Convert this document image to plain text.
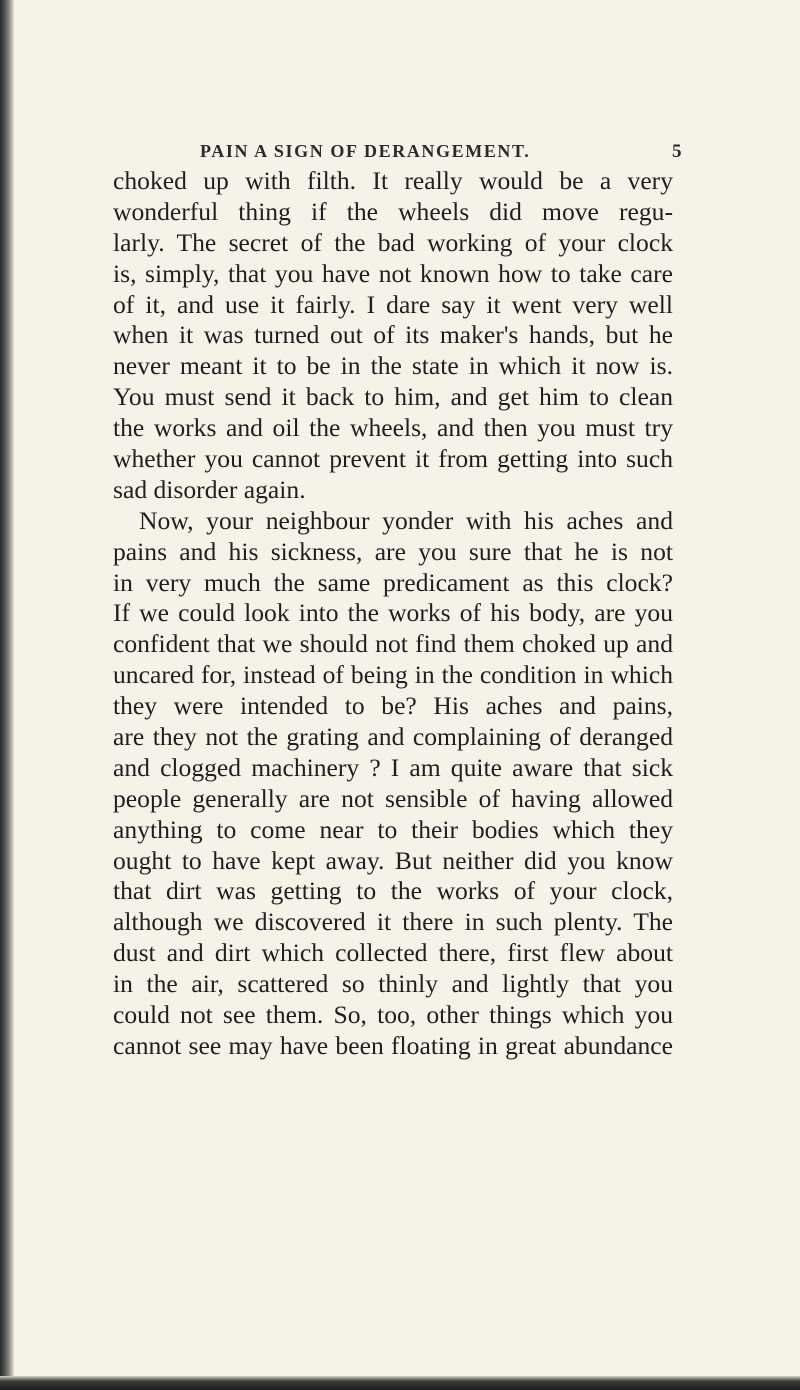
PAIN A SIGN OF DERANGEMENT.	5
choked up with filth. It really would be a very
wonderful thing if the wheels did move regu-
larly. The secret of the bad working of your clock
is, simply, that you have not known how to take care
of it, and use it fairly. I dare say it went very well
when it was turned out of its maker's hands, but he
never meant it to be in the state in which it now is.
You must send it back to him, and get him to clean
the works and oil the wheels, and then you must try
whether you cannot prevent it from getting into such
sad disorder again.
Now, your neighbour yonder with his aches and
pains and his sickness, are you sure that he is not
in very much the same predicament as this clock?
If we could look into the works of his body, are you
confident that we should not find them choked up and
uncared for, instead of being in the condition in which
they were intended to be? His aches and pains,
are they not the grating and complaining of deranged
and clogged machinery ? I am quite aware that sick
people generally are not sensible of having allowed
anything to come near to their bodies which they
ought to have kept away. But neither did you know
that dirt was getting to the works of your clock,
although we discovered it there in such plenty. The
dust and dirt which collected there, first flew about
in the air, scattered so thinly and lightly that you
could not see them. So, too, other things which you
cannot see may have been floating in great abundance
